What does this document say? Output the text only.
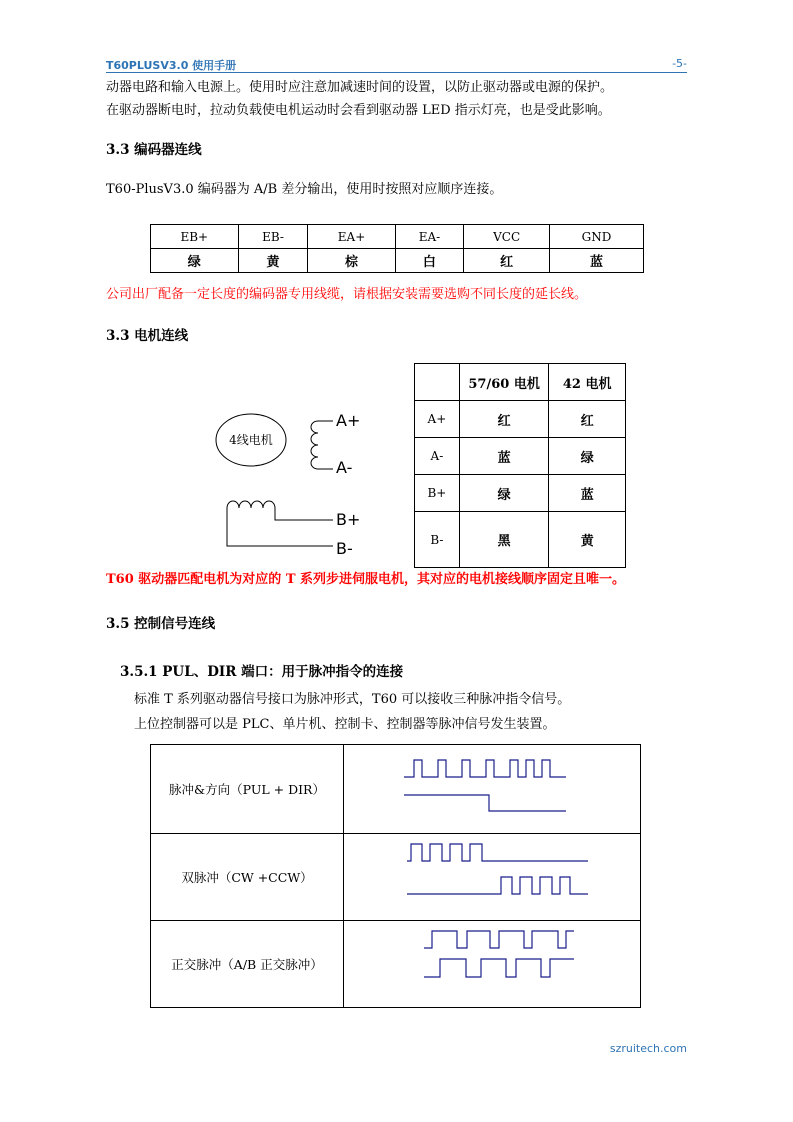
T60PLUSV3.0 使用手册	-5-
动器电路和输入电源上。使用时应注意加减速时间的设置，以防止驱动器或电源的保护。
在驱动器断电时，拉动负载使电机运动时会看到驱动器 LED 指示灯亮，也是受此影响。
3.3 编码器连线
T60-PlusV3.0 编码器为 A/B 差分输出，使用时按照对应顺序连接。
EB+	EB-	EA+	EA-	VCC	GND
绿	黄	棕	白	红	蓝
公司出厂配备一定长度的编码器专用线缆，请根据安装需要选购不同长度的延长线。
3.3 电机连线
4线电机
A+
A-
B+
B-
	57/60 电机	42 电机
A+	红	红
A-	蓝	绿
B+	绿	蓝
B-	黑	黄
T60 驱动器匹配电机为对应的 T 系列步进伺服电机，其对应的电机接线顺序固定且唯一。
3.5 控制信号连线
3.5.1 PUL、DIR 端口：用于脉冲指令的连接
标准 T 系列驱动器信号接口为脉冲形式，T60 可以接收三种脉冲指令信号。
上位控制器可以是 PLC、单片机、控制卡、控制器等脉冲信号发生装置。
脉冲&方向（PUL + DIR）	
双脉冲（CW +CCW）	
正交脉冲（A/B 正交脉冲）	
szruitech.com
